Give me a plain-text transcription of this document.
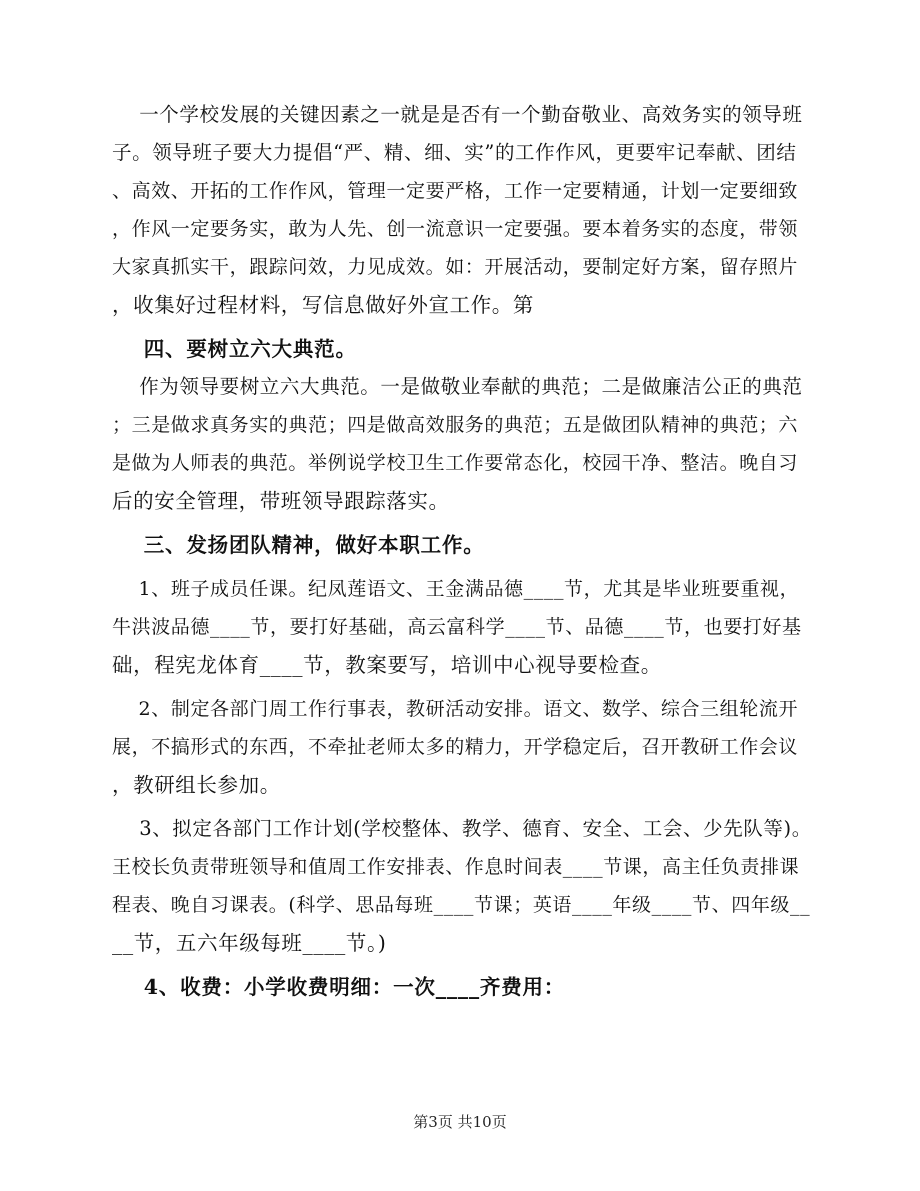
一个学校发展的关键因素之一就是是否有一个勤奋敬业、高效务实的领导班
子。领导班子要大力提倡“严、精、细、实”的工作作风，更要牢记奉献、团结
、高效、开拓的工作作风，管理一定要严格，工作一定要精通，计划一定要细致
，作风一定要务实，敢为人先、创一流意识一定要强。要本着务实的态度，带领
大家真抓实干，跟踪问效，力见成效。如：开展活动，要制定好方案，留存照片
，收集好过程材料，写信息做好外宣工作。第
四、要树立六大典范。
作为领导要树立六大典范。一是做敬业奉献的典范；二是做廉洁公正的典范
；三是做求真务实的典范；四是做高效服务的典范；五是做团队精神的典范；六
是做为人师表的典范。举例说学校卫生工作要常态化，校园干净、整洁。晚自习
后的安全管理，带班领导跟踪落实。
三、发扬团队精神，做好本职工作。
1、班子成员任课。纪凤莲语文、王金满品德____节，尤其是毕业班要重视，
牛洪波品德____节，要打好基础，高云富科学____节、品德____节，也要打好基
础，程宪龙体育____节，教案要写，培训中心视导要检查。
2、制定各部门周工作行事表，教研活动安排。语文、数学、综合三组轮流开
展，不搞形式的东西，不牵扯老师太多的精力，开学稳定后，召开教研工作会议
，教研组长参加。
3、拟定各部门工作计划(学校整体、教学、德育、安全、工会、少先队等)。
王校长负责带班领导和值周工作安排表、作息时间表____节课，高主任负责排课
程表、晚自习课表。(科学、思品每班____节课；英语____年级____节、四年级__
__节，五六年级每班____节。)
4、收费：小学收费明细：一次____齐费用：
第3页 共10页
